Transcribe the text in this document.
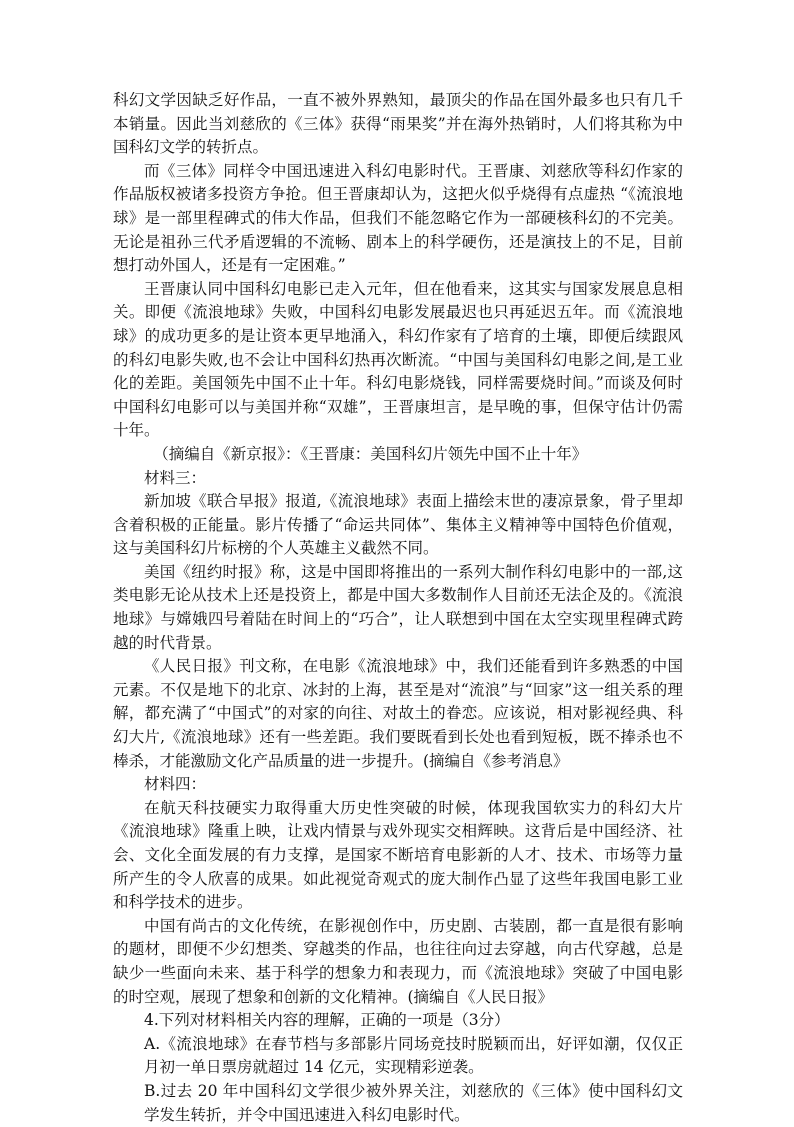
科幻文学因缺乏好作品，一直不被外界熟知，最顶尖的作品在国外最多也只有几千本销量。因此当刘慈欣的《三体》获得“雨果奖”并在海外热销时，人们将其称为中国科幻文学的转折点。

而《三体》同样令中国迅速进入科幻电影时代。王晋康、刘慈欣等科幻作家的作品版权被诸多投资方争抢。但王晋康却认为，这把火似乎烧得有点虚热 “《流浪地球》是一部里程碑式的伟大作品，但我们不能忽略它作为一部硬核科幻的不完美。无论是祖孙三代矛盾逻辑的不流畅、剧本上的科学硬伤，还是演技上的不足，目前想打动外国人，还是有一定困难。”

王晋康认同中国科幻电影已走入元年，但在他看来，这其实与国家发展息息相关。即便《流浪地球》失败，中国科幻电影发展最迟也只再延迟五年。而《流浪地球》的成功更多的是让资本更早地涌入，科幻作家有了培育的土壤，即便后续跟风的科幻电影失败,也不会让中国科幻热再次断流。“中国与美国科幻电影之间,是工业化的差距。美国领先中国不止十年。科幻电影烧钱，同样需要烧时间。”而谈及何时中国科幻电影可以与美国并称“双雄”，王晋康坦言，是早晚的事，但保守估计仍需十年。

（摘编自《新京报》：《王晋康：美国科幻片领先中国不止十年》

材料三：

新加坡《联合早报》报道,《流浪地球》表面上描绘末世的凄凉景象，骨子里却含着积极的正能量。影片传播了“命运共同体”、集体主义精神等中国特色价值观，这与美国科幻片标榜的个人英雄主义截然不同。

美国《纽约时报》称，这是中国即将推出的一系列大制作科幻电影中的一部,这类电影无论从技术上还是投资上，都是中国大多数制作人目前还无法企及的。《流浪地球》与嫦娥四号着陆在时间上的“巧合”，让人联想到中国在太空实现里程碑式跨越的时代背景。

《人民日报》刊文称，在电影《流浪地球》中，我们还能看到许多熟悉的中国元素。不仅是地下的北京、冰封的上海，甚至是对“流浪”与“回家”这一组关系的理解，都充满了“中国式”的对家的向往、对故土的眷恋。应该说，相对影视经典、科幻大片,《流浪地球》还有一些差距。我们要既看到长处也看到短板，既不捧杀也不棒杀，才能激励文化产品质量的进一步提升。(摘编自《参考消息》

材料四：

在航天科技硬实力取得重大历史性突破的时候，体现我国软实力的科幻大片《流浪地球》隆重上映，让戏内情景与戏外现实交相辉映。这背后是中国经济、社会、文化全面发展的有力支撑，是国家不断培育电影新的人才、技术、市场等力量所产生的令人欣喜的成果。如此视觉奇观式的庞大制作凸显了这些年我国电影工业和科学技术的进步。

中国有尚古的文化传统，在影视创作中，历史剧、古装剧，都一直是很有影响的题材，即便不少幻想类、穿越类的作品，也往往向过去穿越，向古代穿越，总是缺少一些面向未来、基于科学的想象力和表现力，而《流浪地球》突破了中国电影的时空观，展现了想象和创新的文化精神。(摘编自《人民日报》

4.下列对材料相关内容的理解，正确的一项是（3分）

A.《流浪地球》在春节档与多部影片同场竞技时脱颖而出，好评如潮，仅仅正月初一单日票房就超过 14 亿元，实现精彩逆袭。

B.过去 20 年中国科幻文学很少被外界关注，刘慈欣的《三体》使中国科幻文学发生转折，并令中国迅速进入科幻电影时代。
